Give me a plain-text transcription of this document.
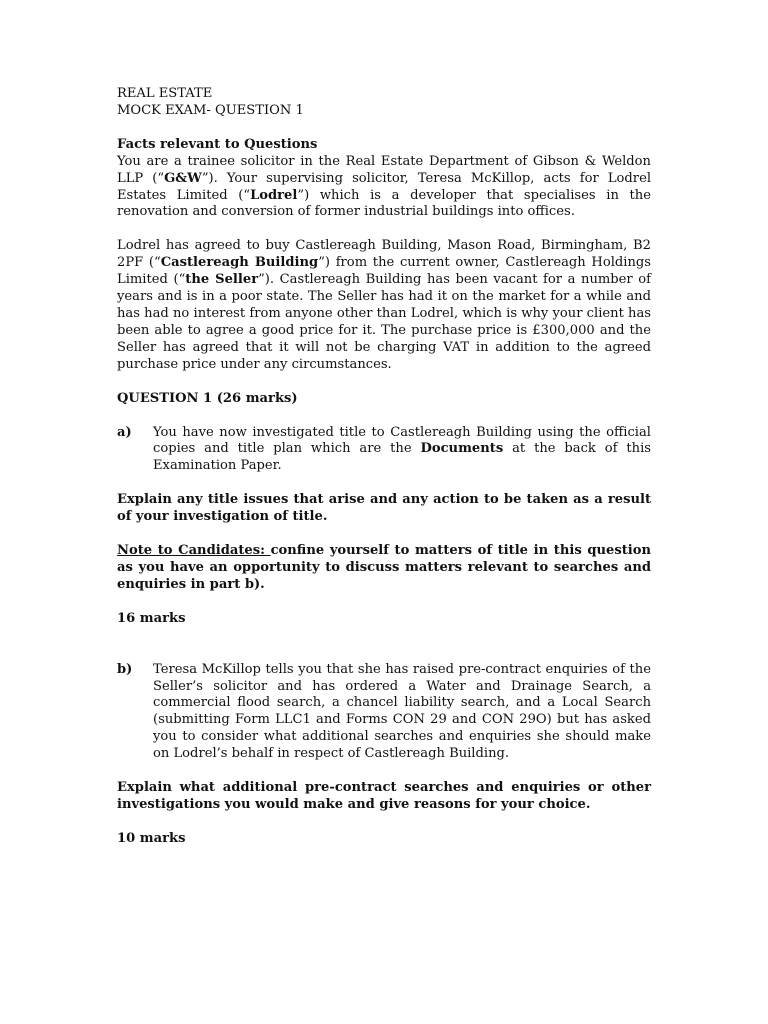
REAL ESTATE

MOCK EXAM- QUESTION 1

Facts relevant to Questions

You are a trainee solicitor in the Real Estate Department of Gibson & Weldon LLP (“G&W”). Your supervising solicitor, Teresa McKillop, acts for Lodrel Estates Limited (“Lodrel”) which is a developer that specialises in the renovation and conversion of former industrial buildings into offices.

Lodrel has agreed to buy Castlereagh Building, Mason Road, Birmingham, B2 2PF (“Castlereagh Building”) from the current owner, Castlereagh Holdings Limited (“the Seller”). Castlereagh Building has been vacant for a number of years and is in a poor state. The Seller has had it on the market for a while and has had no interest from anyone other than Lodrel, which is why your client has been able to agree a good price for it. The purchase price is £300,000 and the Seller has agreed that it will not be charging VAT in addition to the agreed purchase price under any circumstances.

QUESTION 1 (26 marks)

a) You have now investigated title to Castlereagh Building using the official copies and title plan which are the Documents at the back of this Examination Paper.

Explain any title issues that arise and any action to be taken as a result of your investigation of title.

Note to Candidates: confine yourself to matters of title in this question as you have an opportunity to discuss matters relevant to searches and enquiries in part b).

16 marks

b) Teresa McKillop tells you that she has raised pre-contract enquiries of the Seller’s solicitor and has ordered a Water and Drainage Search, a commercial flood search, a chancel liability search, and a Local Search (submitting Form LLC1 and Forms CON 29 and CON 29O) but has asked you to consider what additional searches and enquiries she should make on Lodrel’s behalf in respect of Castlereagh Building.

Explain what additional pre-contract searches and enquiries or other investigations you would make and give reasons for your choice.

10 marks
